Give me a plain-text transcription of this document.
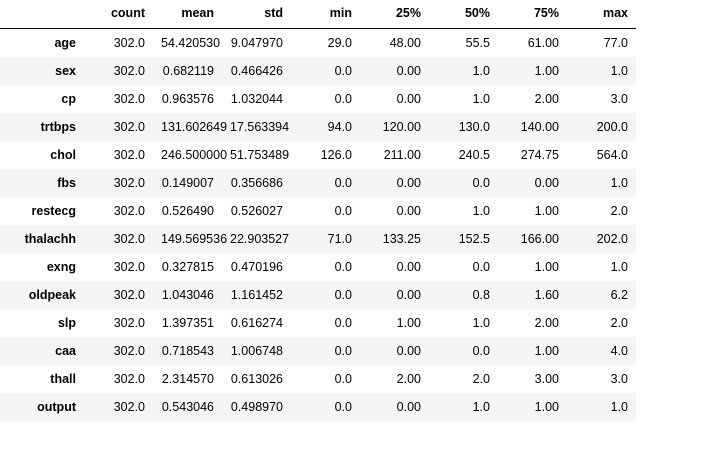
	count	mean	std	min	25%	50%	75%	max
age	302.0	54.420530	9.047970	29.0	48.00	55.5	61.00	77.0
sex	302.0	0.682119	0.466426	0.0	0.00	1.0	1.00	1.0
cp	302.0	0.963576	1.032044	0.0	0.00	1.0	2.00	3.0
trtbps	302.0	131.602649	17.563394	94.0	120.00	130.0	140.00	200.0
chol	302.0	246.500000	51.753489	126.0	211.00	240.5	274.75	564.0
fbs	302.0	0.149007	0.356686	0.0	0.00	0.0	0.00	1.0
restecg	302.0	0.526490	0.526027	0.0	0.00	1.0	1.00	2.0
thalachh	302.0	149.569536	22.903527	71.0	133.25	152.5	166.00	202.0
exng	302.0	0.327815	0.470196	0.0	0.00	0.0	1.00	1.0
oldpeak	302.0	1.043046	1.161452	0.0	0.00	0.8	1.60	6.2
slp	302.0	1.397351	0.616274	0.0	1.00	1.0	2.00	2.0
caa	302.0	0.718543	1.006748	0.0	0.00	0.0	1.00	4.0
thall	302.0	2.314570	0.613026	0.0	2.00	2.0	3.00	3.0
output	302.0	0.543046	0.498970	0.0	0.00	1.0	1.00	1.0
